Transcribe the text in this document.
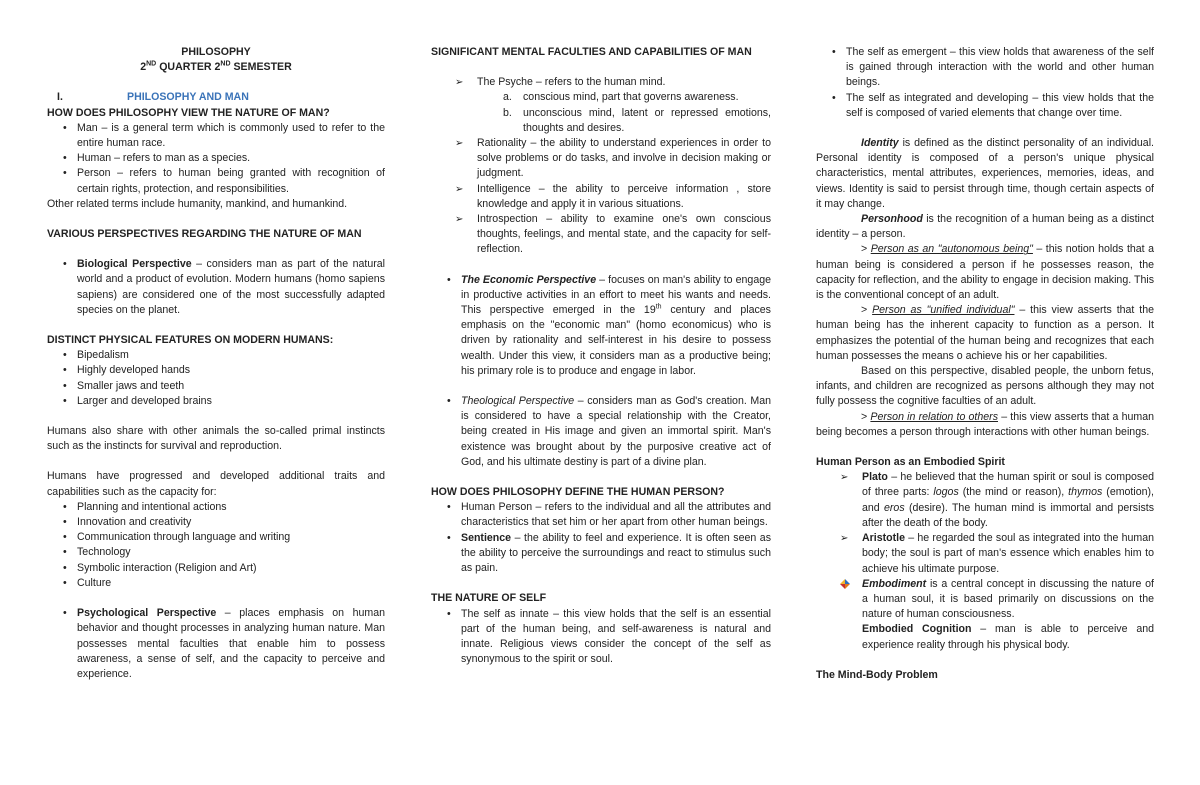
PHILOSOPHY

2ND QUARTER 2ND SEMESTER

I.	PHILOSOPHY AND MAN

HOW DOES PHILOSOPHY VIEW THE NATURE OF MAN?

• Man – is a general term which is commonly used to refer to the entire human race.
• Human – refers to man as a species.
• Person – refers to human being granted with recognition of certain rights, protection, and responsibilities.

Other related terms include humanity, mankind, and humankind.

VARIOUS PERSPECTIVES REGARDING THE NATURE OF MAN

• Biological Perspective – considers man as part of the natural world and a product of evolution. Modern humans (homo sapiens sapiens) are considered one of the most successfully adapted species on the planet.

DISTINCT PHYSICAL FEATURES ON MODERN HUMANS:

• Bipedalism
• Highly developed hands
• Smaller jaws and teeth
• Larger and developed brains

Humans also share with other animals the so-called primal instincts such as the instincts for survival and reproduction.

Humans have progressed and developed additional traits and capabilities such as the capacity for:

• Planning and intentional actions
• Innovation and creativity
• Communication through language and writing
• Technology
• Symbolic interaction (Religion and Art)
• Culture
• Psychological Perspective – places emphasis on human behavior and thought processes in analyzing human nature. Man possesses mental faculties that enable him to possess awareness, a sense of self, and the capacity to perceive and experience.

SIGNIFICANT MENTAL FACULTIES AND CAPABILITIES OF MAN

➢ The Psyche – refers to the human mind.
a. conscious mind, part that governs awareness.
b. unconscious mind, latent or repressed emotions, thoughts and desires.
➢ Rationality – the ability to understand experiences in order to solve problems or do tasks, and involve in decision making or judgment.
➢ Intelligence – the ability to perceive information , store knowledge and apply it in various situations.
➢ Introspection – ability to examine one's own conscious thoughts, feelings, and mental state, and the capacity for self-reflection.
• The Economic Perspective – focuses on man's ability to engage in productive activities in an effort to meet his wants and needs. This perspective emerged in the 19th century and places emphasis on the "economic man" (homo economicus) who is driven by rationality and self-interest in his desire to possess wealth. Under this view, it considers man as a productive being; his primary role is to produce and engage in labor.
• Theological Perspective – considers man as God's creation. Man is considered to have a special relationship with the Creator, being created in His image and given an immortal spirit. Man's existence was brought about by the purposive creative act of God, and his ultimate destiny is part of a divine plan.

HOW DOES PHILOSOPHY DEFINE THE HUMAN PERSON?

• Human Person – refers to the individual and all the attributes and characteristics that set him or her apart from other human beings.
• Sentience – the ability to feel and experience. It is often seen as the ability to perceive the surroundings and react to stimulus such as pain.

THE NATURE OF SELF

• The self as innate – this view holds that the self is an essential part of the human being, and self-awareness is natural and innate. Religious views consider the concept of the self as synonymous to the spirit or soul.
• The self as emergent – this view holds that awareness of the self is gained through interaction with the world and other human beings.
• The self as integrated and developing – this view holds that the self is composed of varied elements that change over time.

Identity is defined as the distinct personality of an individual. Personal identity is composed of a person's unique physical characteristics, mental attributes, experiences, memories, ideas, and views. Identity is said to persist through time, though certain aspects of it may change.

Personhood is the recognition of a human being as a distinct identity – a person.

> Person as an "autonomous being" – this notion holds that a human being is considered a person if he possesses reason, the capacity for reflection, and the ability to engage in decision making. This is the conventional concept of an adult.

> Person as "unified individual" – this view asserts that the human being has the inherent capacity to function as a person. It emphasizes the potential of the human being and recognizes that each human possesses the means o achieve his or her capabilities.

Based on this perspective, disabled people, the unborn fetus, infants, and children are recognized as persons although they may not fully possess the cognitive faculties of an adult.

> Person in relation to others – this view asserts that a human being becomes a person through interactions with other human beings.

Human Person as an Embodied Spirit

➢ Plato – he believed that the human spirit or soul is composed of three parts: logos (the mind or reason), thymos (emotion), and eros (desire). The human mind is immortal and persists after the death of the body.
➢ Aristotle – he regarded the soul as integrated into the human body; the soul is part of man's essence which enables him to achieve his ultimate purpose.
Embodiment is a central concept in discussing the nature of a human soul, it is based primarily on discussions on the nature of human consciousness.
Embodied Cognition – man is able to perceive and experience reality through his physical body.

The Mind-Body Problem
